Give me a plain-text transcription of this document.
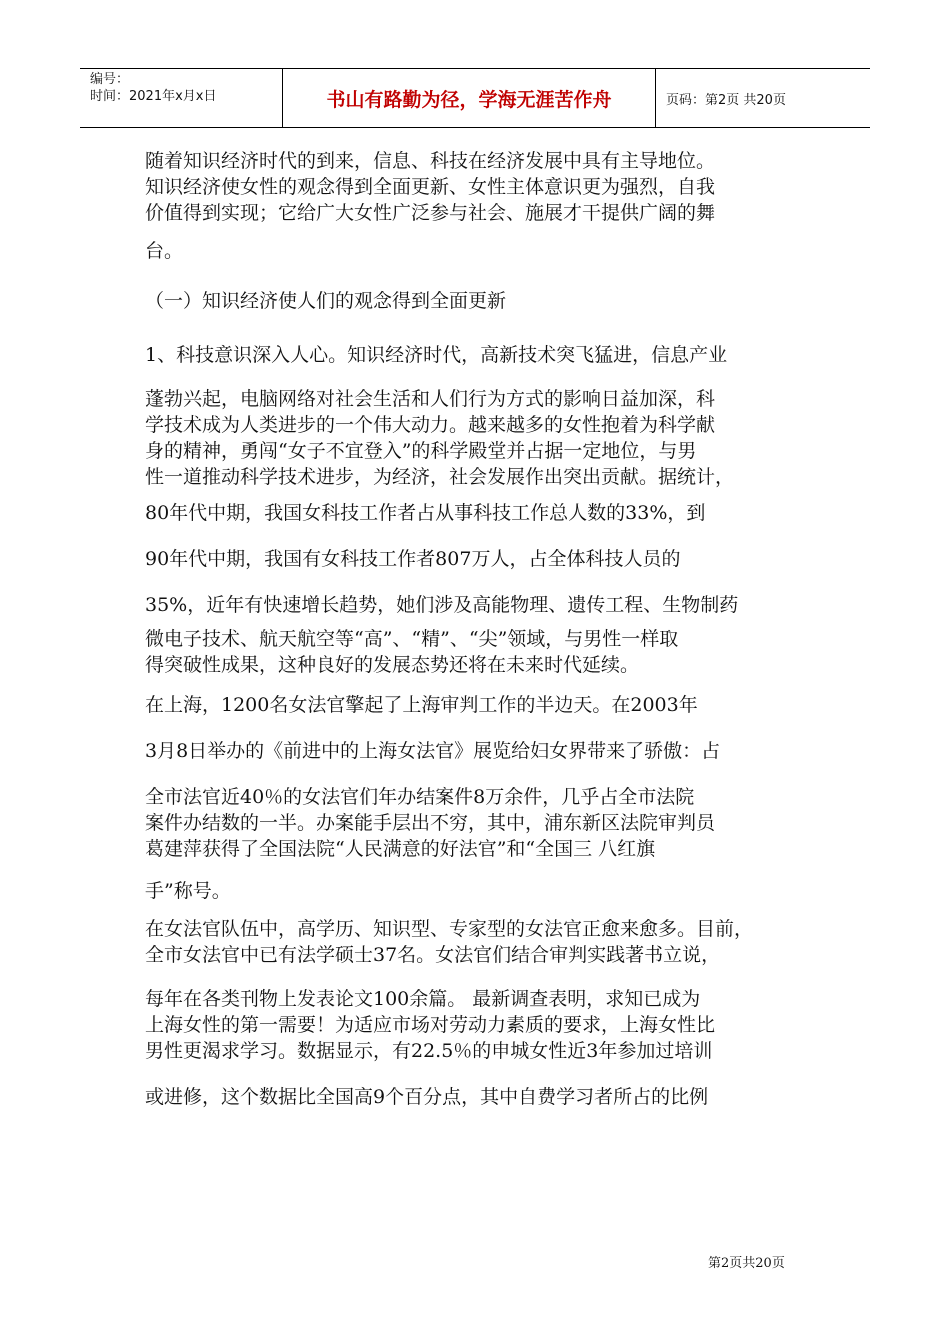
编号：
时间：2021年x月x日	书山有路勤为径，学海无涯苦作舟	页码：第2页 共20页
随着知识经济时代的到来，信息、科技在经济发展中具有主导地位。
知识经济使女性的观念得到全面更新、女性主体意识更为强烈，自我
价值得到实现；它给广大女性广泛参与社会、施展才干提供广阔的舞
台。
（一）知识经济使人们的观念得到全面更新
1、科技意识深入人心。知识经济时代，高新技术突飞猛进，信息产业
蓬勃兴起，电脑网络对社会生活和人们行为方式的影响日益加深，科
学技术成为人类进步的一个伟大动力。越来越多的女性抱着为科学献
身的精神，勇闯“女子不宜登入”的科学殿堂并占据一定地位，与男
性一道推动科学技术进步，为经济，社会发展作出突出贡献。据统计，
80年代中期，我国女科技工作者占从事科技工作总人数的33%，到
90年代中期，我国有女科技工作者807万人，占全体科技人员的
35%，近年有快速增长趋势，她们涉及高能物理、遗传工程、生物制药
微电子技术、航天航空等“高”、“精”、“尖”领域，与男性一样取
得突破性成果，这种良好的发展态势还将在未来时代延续。
在上海，1200名女法官擎起了上海审判工作的半边天。在2003年
3月8日举办的《前进中的上海女法官》展览给妇女界带来了骄傲：占
全市法官近40％的女法官们年办结案件8万余件，几乎占全市法院
案件办结数的一半。办案能手层出不穷，其中，浦东新区法院审判员
葛建萍获得了全国法院“人民满意的好法官”和“全国三 八红旗
手”称号。
在女法官队伍中，高学历、知识型、专家型的女法官正愈来愈多。目前，
全市女法官中已有法学硕士37名。女法官们结合审判实践著书立说，
每年在各类刊物上发表论文100余篇。 最新调查表明，求知已成为
上海女性的第一需要！为适应市场对劳动力素质的要求，上海女性比
男性更渴求学习。数据显示，有22.5％的申城女性近3年参加过培训
或进修，这个数据比全国高9个百分点，其中自费学习者所占的比例
第2页共20页
